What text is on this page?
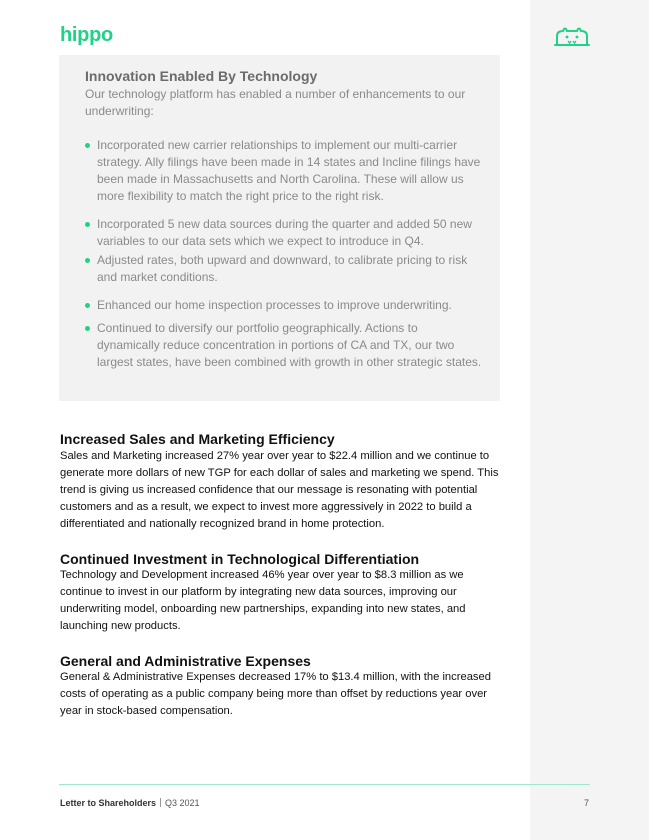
hippo
Innovation Enabled By Technology
Our technology platform has enabled a number of enhancements to our underwriting:
Incorporated new carrier relationships to implement our multi-carrier strategy. Ally filings have been made in 14 states and Incline filings have been made in Massachusetts and North Carolina. These will allow us more flexibility to match the right price to the right risk.
Incorporated 5 new data sources during the quarter and added 50 new variables to our data sets which we expect to introduce in Q4.
Adjusted rates, both upward and downward, to calibrate pricing to risk and market conditions.
Enhanced our home inspection processes to improve underwriting.
Continued to diversify our portfolio geographically. Actions to dynamically reduce concentration in portions of CA and TX, our two largest states, have been combined with growth in other strategic states.
Increased Sales and Marketing Efficiency
Sales and Marketing increased 27% year over year to $22.4 million and we continue to generate more dollars of new TGP for each dollar of sales and marketing we spend. This trend is giving us increased confidence that our message is resonating with potential customers and as a result, we expect to invest more aggressively in 2022 to build a differentiated and nationally recognized brand in home protection.
Continued Investment in Technological Differentiation
Technology and Development increased 46% year over year to $8.3 million as we continue to invest in our platform by integrating new data sources, improving our underwriting model, onboarding new partnerships, expanding into new states, and launching new products.
General and Administrative Expenses
General & Administrative Expenses decreased 17% to $13.4 million, with the increased costs of operating as a public company being more than offset by reductions year over year in stock-based compensation.
Letter to Shareholders Q3 2021	7
